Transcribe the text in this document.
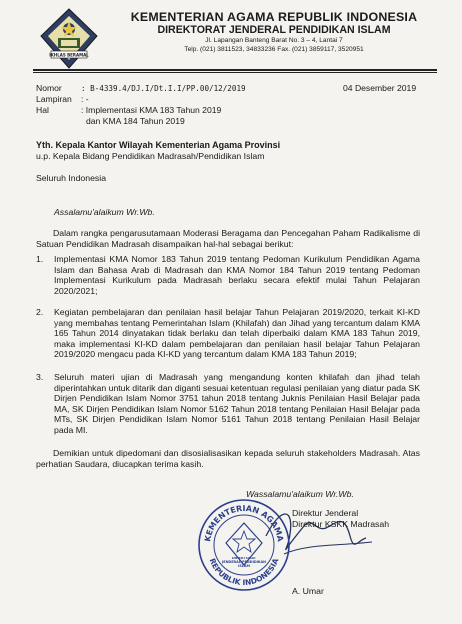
IKHLAS BERAMAL
KEMENTERIAN AGAMA REPUBLIK INDONESIA
DIREKTORAT JENDERAL PENDIDIKAN ISLAM
Jl. Lapangan Banteng Barat No. 3 – 4, Lantai 7
Telp. (021) 3811523, 34833236 Fax. (021) 3859117, 3520951
Nomor	: B-4339.4/DJ.I/Dt.I.I/PP.00/12/2019	04 Desember 2019
Lampiran : -
Hal	: Implementasi KMA 183 Tahun 2019
dan KMA 184 Tahun 2019
Yth. Kepala Kantor Wilayah Kementerian Agama Provinsi
u.p. Kepala Bidang Pendidikan Madrasah/Pendidikan Islam
Seluruh Indonesia
Assalamu'alaikum Wr.Wb.
Dalam rangka pengarusutamaan Moderasi Beragama dan Pencegahan Paham Radikalisme di Satuan Pendidikan Madrasah disampaikan hal-hal sebagai berikut:
1. Implementasi KMA Nomor 183 Tahun 2019 tentang Pedoman Kurikulum Pendidikan Agama Islam dan Bahasa Arab di Madrasah dan KMA Nomor 184 Tahun 2019 tentang Pedoman Implementasi Kurikulum pada Madrasah berlaku secara efektif mulai Tahun Pelajaran 2020/2021;
2. Kegiatan pembelajaran dan penilaian hasil belajar Tahun Pelajaran 2019/2020, terkait KI-KD yang membahas tentang Pemerintahan Islam (Khilafah) dan Jihad yang tercantum dalam KMA 165 Tahun 2014 dinyatakan tidak berlaku dan telah diperbaiki dalam KMA 183 Tahun 2019, maka implementasi KI-KD dalam pembelajaran dan penilaian hasil belajar Tahun Pelajaran 2019/2020 mengacu pada KI-KD yang tercantum dalam KMA 183 Tahun 2019;
3. Seluruh materi ujian di Madrasah yang mengandung konten khilafah dan jihad telah diperintahkan untuk ditarik dan diganti sesuai ketentuan regulasi penilaian yang diatur pada SK Dirjen Pendidikan Islam Nomor 3751 tahun 2018 tentang Juknis Penilaian Hasil Belajar pada MA, SK Dirjen Pendidikan Islam Nomor 5162 Tahun 2018 tentang Penilaian Hasil Belajar pada MTs, SK Dirjen Pendidikan Islam Nomor 5161 Tahun 2018 tentang Penilaian Hasil Belajar pada MI.
Demikian untuk dipedomani dan disosialisasikan kepada seluruh stakeholders Madrasah. Atas perhatian Saudara, diucapkan terima kasih.
Wassalamu'alaikum Wr.Wb.
KEMENTERIAN AGAMA
REPUBLIK INDONESIA
DIREKTORAT JENDERAL PENDIDIKAN ISLAM
Direktur Jenderal
Direktur KSKK Madrasah
A. Umar
